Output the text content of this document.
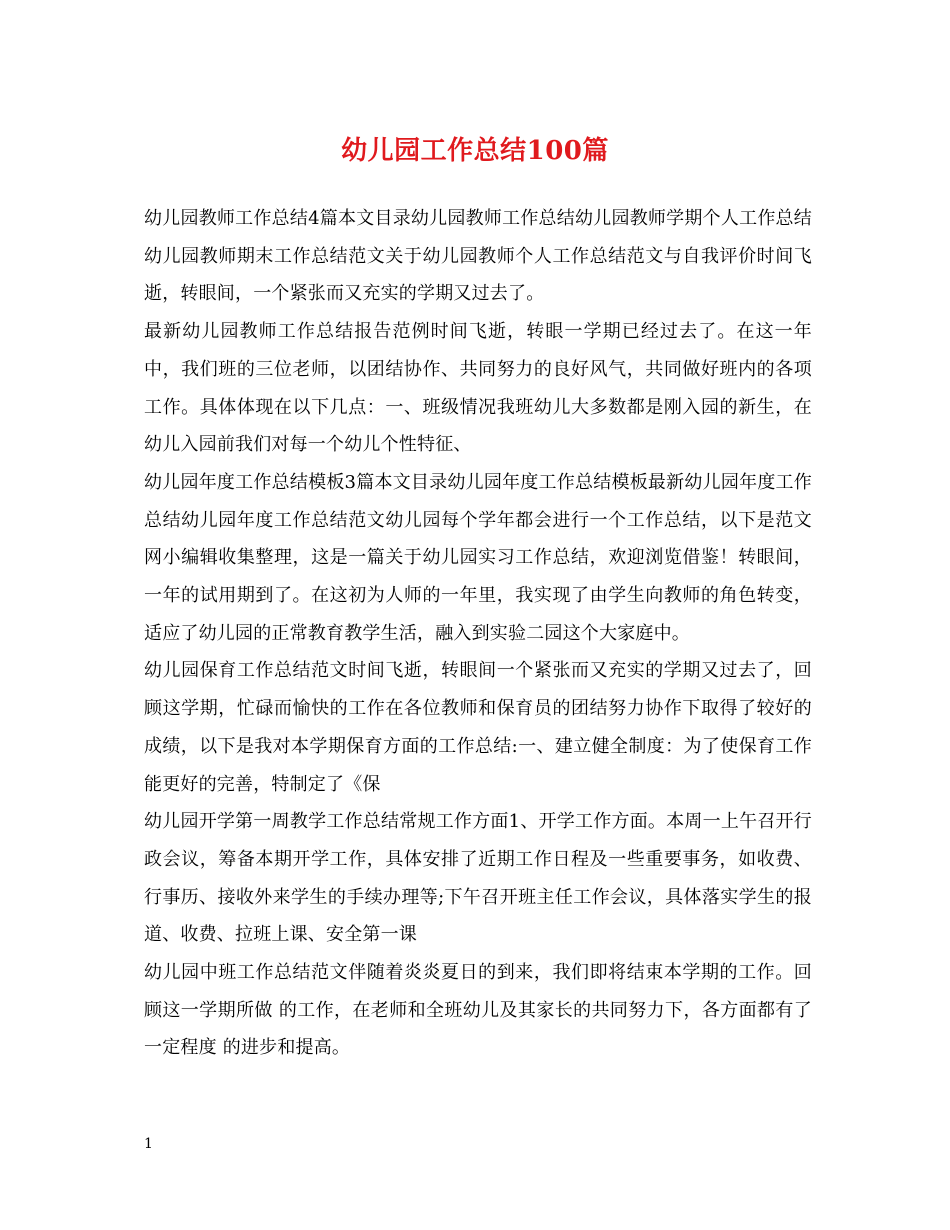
幼儿园工作总结100篇

幼儿园教师工作总结4篇本文目录幼儿园教师工作总结幼儿园教师学期个人工作总结幼儿园教师期末工作总结范文关于幼儿园教师个人工作总结范文与自我评价时间飞逝，转眼间，一个紧张而又充实的学期又过去了。

最新幼儿园教师工作总结报告范例时间飞逝，转眼一学期已经过去了。在这一年中，我们班的三位老师，以团结协作、共同努力的良好风气，共同做好班内的各项工作。具体体现在以下几点：一、班级情况我班幼儿大多数都是刚入园的新生，在幼儿入园前我们对每一个幼儿个性特征、

幼儿园年度工作总结模板3篇本文目录幼儿园年度工作总结模板最新幼儿园年度工作总结幼儿园年度工作总结范文幼儿园每个学年都会进行一个工作总结，以下是范文网小编辑收集整理，这是一篇关于幼儿园实习工作总结，欢迎浏览借鉴！转眼间，一年的试用期到了。在这初为人师的一年里，我实现了由学生向教师的角色转变， 适应了幼儿园的正常教育教学生活，融入到实验二园这个大家庭中。

幼儿园保育工作总结范文时间飞逝，转眼间一个紧张而又充实的学期又过去了，回顾这学期，忙碌而愉快的工作在各位教师和保育员的团结努力协作下取得了较好的成绩，以下是我对本学期保育方面的工作总结:一、建立健全制度：为了使保育工作能更好的完善，特制定了《保

幼儿园开学第一周教学工作总结常规工作方面1、开学工作方面。本周一上午召开行政会议，筹备本期开学工作，具体安排了近期工作日程及一些重要事务，如收费、行事历、接收外来学生的手续办理等;下午召开班主任工作会议，具体落实学生的报道、收费、拉班上课、安全第一课

幼儿园中班工作总结范文伴随着炎炎夏日的到来，我们即将结束本学期的工作。回顾这一学期所做 的工作，在老师和全班幼儿及其家长的共同努力下，各方面都有了一定程度 的进步和提高。

1
